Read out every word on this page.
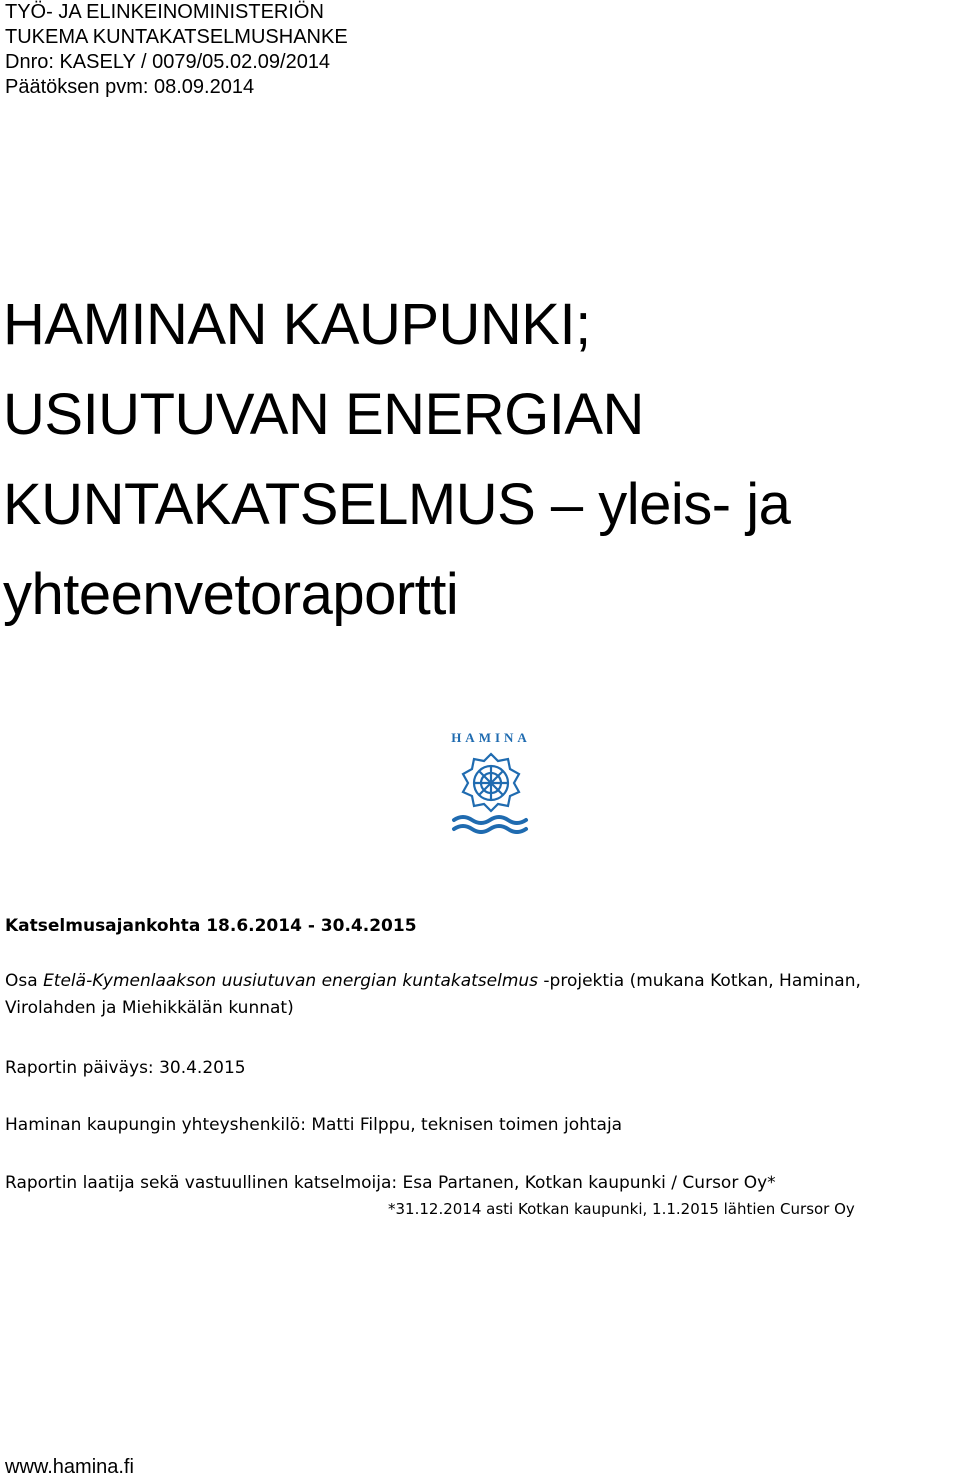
TYÖ- JA ELINKEINOMINISTERIÖN
TUKEMA KUNTAKATSELMUSHANKE
Dnro: KASELY / 0079/05.02.09/2014
Päätöksen pvm: 08.09.2014
HAMINAN KAUPUNKI;
USIUTUVAN ENERGIAN
KUNTAKATSELMUS – yleis- ja
yhteenvetoraportti
HAMINA
Katselmusajankohta 18.6.2014 - 30.4.2015
Osa Etelä-Kymenlaakson uusiutuvan energian kuntakatselmus -projektia (mukana Kotkan, Haminan, Virolahden ja Miehikkälän kunnat)
Raportin päiväys: 30.4.2015
Haminan kaupungin yhteyshenkilö: Matti Filppu, teknisen toimen johtaja
Raportin laatija sekä vastuullinen katselmoija: Esa Partanen, Kotkan kaupunki / Cursor Oy*
*31.12.2014 asti Kotkan kaupunki, 1.1.2015 lähtien Cursor Oy
www.hamina.fi
